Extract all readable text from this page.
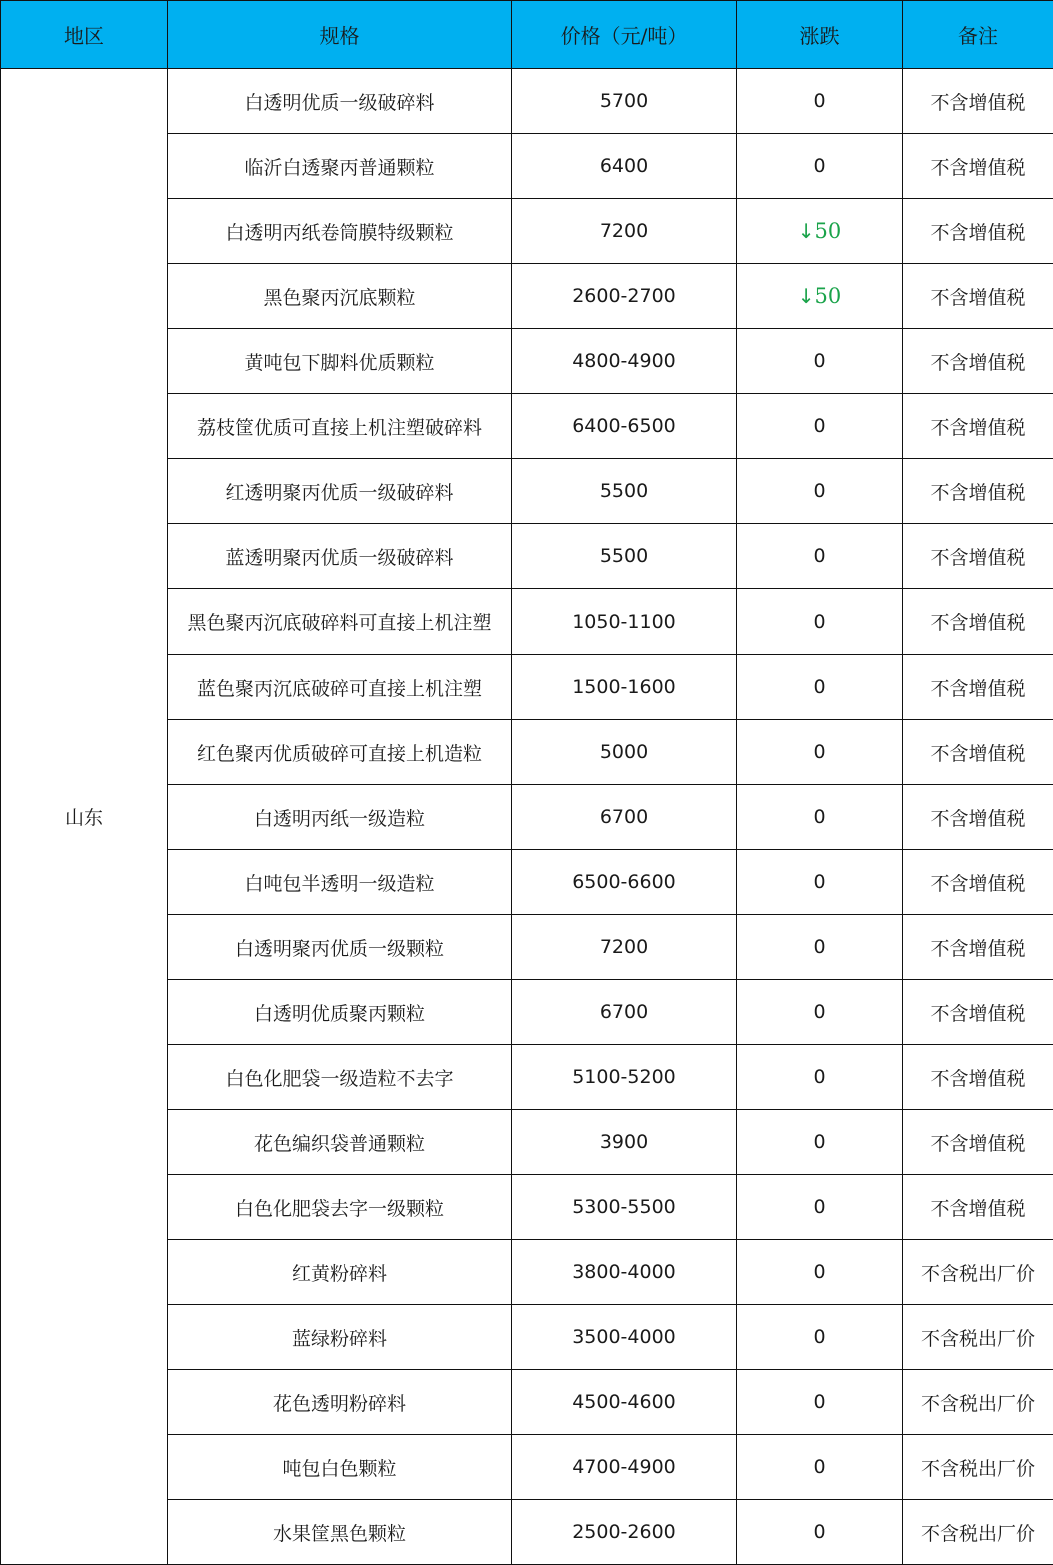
地区	规格	价格（元/吨）	涨跌	备注
山东	白透明优质一级破碎料	5700	0	不含增值税
	临沂白透聚丙普通颗粒	6400	0	不含增值税
	白透明丙纸卷筒膜特级颗粒	7200	↓50	不含增值税
	黑色聚丙沉底颗粒	2600-2700	↓50	不含增值税
	黄吨包下脚料优质颗粒	4800-4900	0	不含增值税
	荔枝筐优质可直接上机注塑破碎料	6400-6500	0	不含增值税
	红透明聚丙优质一级破碎料	5500	0	不含增值税
	蓝透明聚丙优质一级破碎料	5500	0	不含增值税
	黑色聚丙沉底破碎料可直接上机注塑	1050-1100	0	不含增值税
	蓝色聚丙沉底破碎可直接上机注塑	1500-1600	0	不含增值税
	红色聚丙优质破碎可直接上机造粒	5000	0	不含增值税
	白透明丙纸一级造粒	6700	0	不含增值税
	白吨包半透明一级造粒	6500-6600	0	不含增值税
	白透明聚丙优质一级颗粒	7200	0	不含增值税
	白透明优质聚丙颗粒	6700	0	不含增值税
	白色化肥袋一级造粒不去字	5100-5200	0	不含增值税
	花色编织袋普通颗粒	3900	0	不含增值税
	白色化肥袋去字一级颗粒	5300-5500	0	不含增值税
	红黄粉碎料	3800-4000	0	不含税出厂价
	蓝绿粉碎料	3500-4000	0	不含税出厂价
	花色透明粉碎料	4500-4600	0	不含税出厂价
	吨包白色颗粒	4700-4900	0	不含税出厂价
	水果筐黑色颗粒	2500-2600	0	不含税出厂价
